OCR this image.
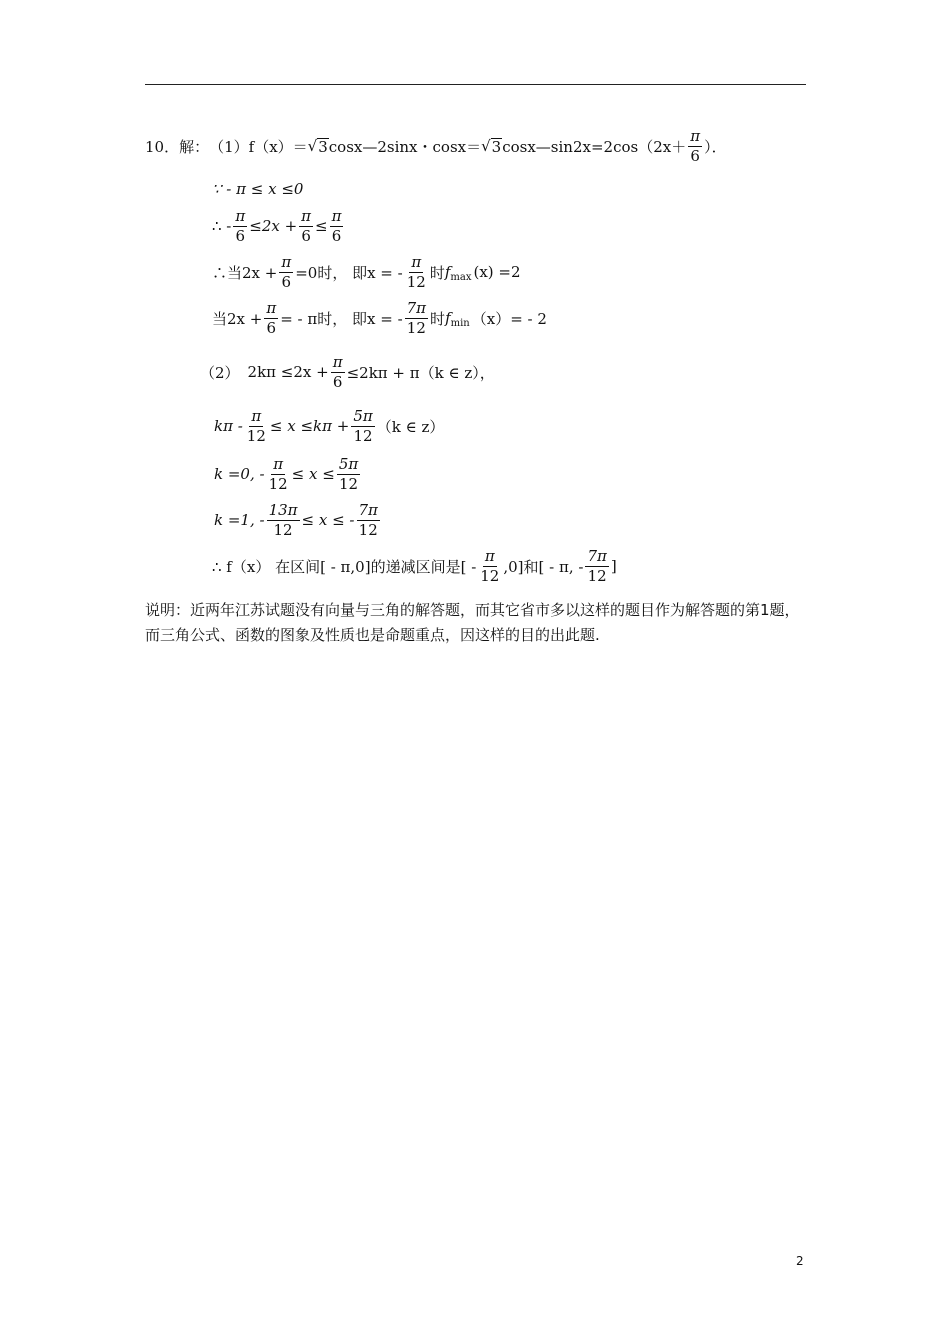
10．解： （1） f（x）＝ √ 3 cosx—2sinx・cosx＝ √ 3 cosx—sin2x=2cos（2x＋ $\frac{\pi}{6}$ ）．
∵ - π ≤ x ≤0
∴ - $\frac{\pi}{6} \le 2x + \frac{\pi}{6} \le \frac{\pi}{6}$
∴当$2x + \frac{\pi}{6} =0$时， 即x = - $\frac{\pi}{12}$ 时 f max (x) =2
当$2x + \frac{\pi}{6}$ = - π时， 即x = - $\frac{7\pi}{12}$ 时 f min （x）= - 2
（2） $2k\pi \le 2x + \frac{\pi}{6} \le 2k\pi + \pi(k$ ∈ z），
$k\pi - \frac{\pi}{12} \le x \le k\pi + \frac{5\pi}{12} (k$ ∈ z）
k =0, - $\frac{\pi}{12} \le x \le \frac{5\pi}{12}$
k =1, - $\frac{13\pi}{12} \le x$ ≤ - $\frac{7\pi}{12}$
∴ f（x） 在区间[ - π,0]的递减区间是[ - $\frac{\pi}{12} ,0$]和[ - π, - $\frac{7\pi}{12}$ ]
说明：近两年江苏试题没有向量与三角的解答题，而其它省市多以这样的题目作为解答题的第1题，而三角公式、函数的图象及性质也是命题重点，因这样的目的出此题.
2
